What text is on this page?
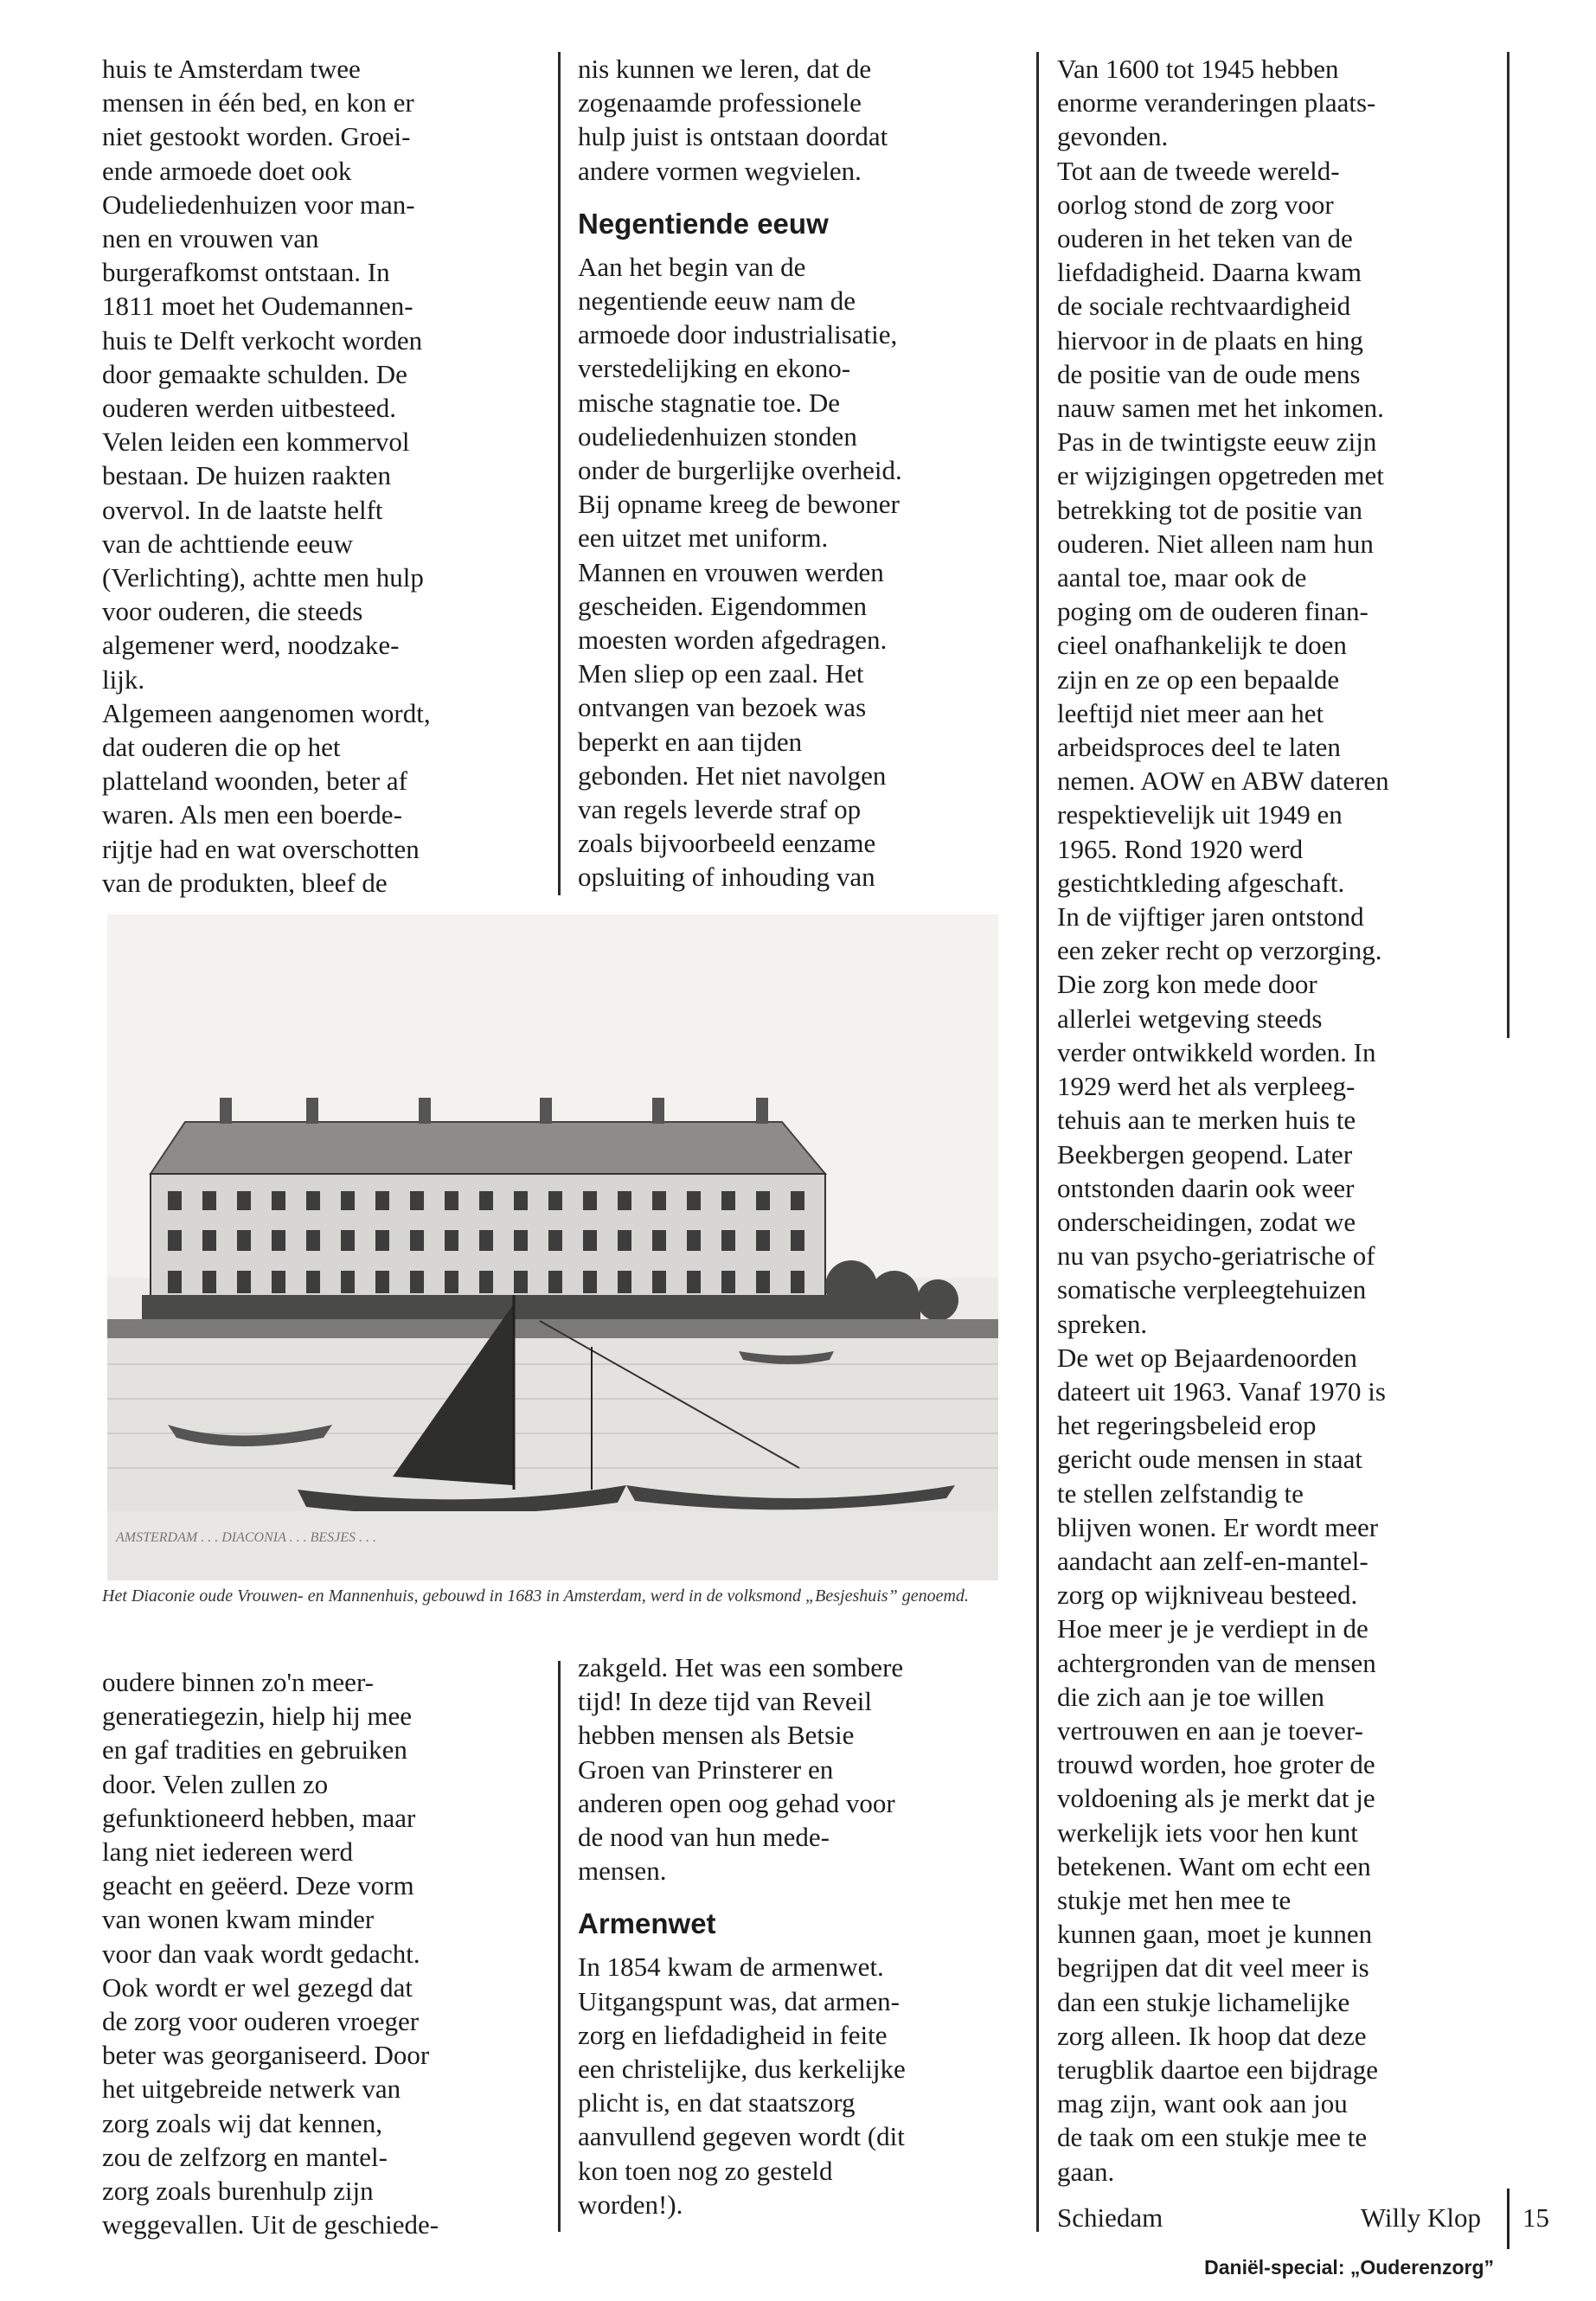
huis te Amsterdam twee
mensen in één bed, en kon er
niet gestookt worden. Groei-
ende armoede doet ook
Oudeliedenhuizen voor man-
nen en vrouwen van
burgerafkomst ontstaan. In
1811 moet het Oudemannen-
huis te Delft verkocht worden
door gemaakte schulden. De
ouderen werden uitbesteed.
Velen leiden een kommervol
bestaan. De huizen raakten
overvol. In de laatste helft
van de achttiende eeuw
(Verlichting), achtte men hulp
voor ouderen, die steeds
algemener werd, noodzake-
lijk.

Algemeen aangenomen wordt,
dat ouderen die op het
platteland woonden, beter af
waren. Als men een boerde-
rijtje had en wat overschotten
van de produkten, bleef de

nis kunnen we leren, dat de
zogenaamde professionele
hulp juist is ontstaan doordat
andere vormen wegvielen.

Negentiende eeuw

Aan het begin van de
negentiende eeuw nam de
armoede door industrialisatie,
verstedelijking en ekono-
mische stagnatie toe. De
oudeliedenhuizen stonden
onder de burgerlijke overheid.
Bij opname kreeg de bewoner
een uitzet met uniform.
Mannen en vrouwen werden
gescheiden. Eigendommen
moesten worden afgedragen.
Men sliep op een zaal. Het
ontvangen van bezoek was
beperkt en aan tijden
gebonden. Het niet navolgen
van regels leverde straf op
zoals bijvoorbeeld eenzame
opsluiting of inhouding van

Van 1600 tot 1945 hebben
enorme veranderingen plaats-
gevonden.

Tot aan de tweede wereld-
oorlog stond de zorg voor
ouderen in het teken van de
liefdadigheid. Daarna kwam
de sociale rechtvaardigheid
hiervoor in de plaats en hing
de positie van de oude mens
nauw samen met het inkomen.
Pas in de twintigste eeuw zijn
er wijzigingen opgetreden met
betrekking tot de positie van
ouderen. Niet alleen nam hun
aantal toe, maar ook de
poging om de ouderen finan-
cieel onafhankelijk te doen
zijn en ze op een bepaalde
leeftijd niet meer aan het
arbeidsproces deel te laten
nemen. AOW en ABW dateren
respektievelijk uit 1949 en
1965. Rond 1920 werd
gestichtkleding afgeschaft.

In de vijftiger jaren ontstond
een zeker recht op verzorging.
Die zorg kon mede door
allerlei wetgeving steeds
verder ontwikkeld worden. In
1929 werd het als verpleeg-
tehuis aan te merken huis te
Beekbergen geopend. Later
ontstonden daarin ook weer
onderscheidingen, zodat we
nu van psycho-geriatrische of
somatische verpleegtehuizen
spreken.

De wet op Bejaardenoorden
dateert uit 1963. Vanaf 1970 is
het regeringsbeleid erop
gericht oude mensen in staat
te stellen zelfstandig te
blijven wonen. Er wordt meer
aandacht aan zelf-en-mantel-
zorg op wijkniveau besteed.

Hoe meer je je verdiept in de
achtergronden van de mensen
die zich aan je toe willen
vertrouwen en aan je toever-
trouwd worden, hoe groter de
voldoening als je merkt dat je
werkelijk iets voor hen kunt
betekenen. Want om echt een
stukje met hen mee te
kunnen gaan, moet je kunnen
begrijpen dat dit veel meer is
dan een stukje lichamelijke
zorg alleen. Ik hoop dat deze
terugblik daartoe een bijdrage
mag zijn, want ook aan jou
de taak om een stukje mee te
gaan.

AMSTERDAM . . . DIACONIA . . . BESJES . . .
Het Diaconie oude Vrouwen- en Mannenhuis, gebouwd in 1683 in Amsterdam, werd in de volksmond „Besjeshuis” genoemd.

oudere binnen zo'n meer-
generatiegezin, hielp hij mee
en gaf tradities en gebruiken
door. Velen zullen zo
gefunktioneerd hebben, maar
lang niet iedereen werd
geacht en geëerd. Deze vorm
van wonen kwam minder
voor dan vaak wordt gedacht.
Ook wordt er wel gezegd dat
de zorg voor ouderen vroeger
beter was georganiseerd. Door
het uitgebreide netwerk van
zorg zoals wij dat kennen,
zou de zelfzorg en mantel-
zorg zoals burenhulp zijn
weggevallen. Uit de geschiede-

zakgeld. Het was een sombere
tijd! In deze tijd van Reveil
hebben mensen als Betsie
Groen van Prinsterer en
anderen open oog gehad voor
de nood van hun mede-
mensen.

Armenwet

In 1854 kwam de armenwet.
Uitgangspunt was, dat armen-
zorg en liefdadigheid in feite
een christelijke, dus kerkelijke
plicht is, en dat staatszorg
aanvullend gegeven wordt (dit
kon toen nog zo gesteld
worden!).	Schiedam	Willy Klop 15
Daniël-special: „Ouderenzorg”
